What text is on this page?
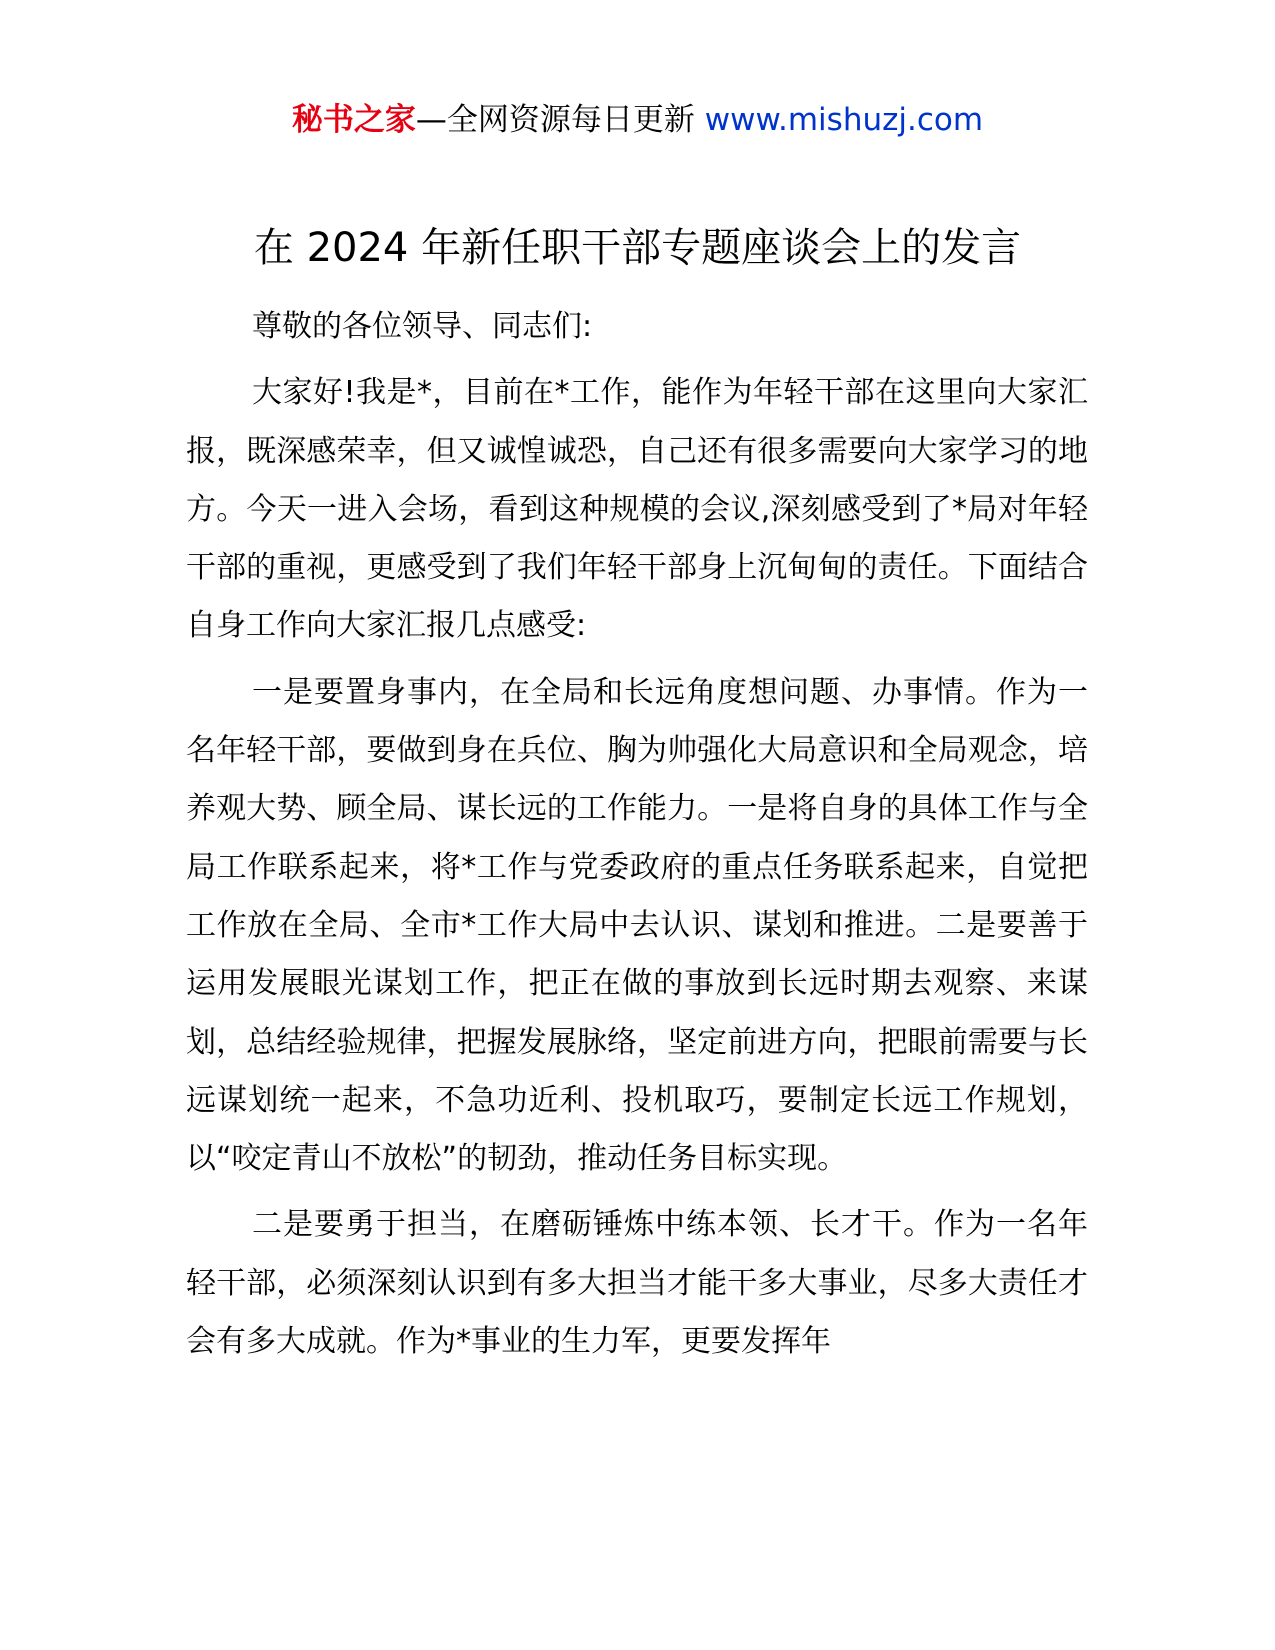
秘书之家—全网资源每日更新 www.mishuzj.com
在 2024 年新任职干部专题座谈会上的发言

尊敬的各位领导、同志们:

大家好!我是*，目前在*工作，能作为年轻干部在这里向大家汇报，既深感荣幸，但又诚惶诚恐，自己还有很多需要向大家学习的地方。今天一进入会场，看到这种规模的会议,深刻感受到了*局对年轻干部的重视，更感受到了我们年轻干部身上沉甸甸的责任。下面结合自身工作向大家汇报几点感受:

一是要置身事内，在全局和长远角度想问题、办事情。作为一名年轻干部，要做到身在兵位、胸为帅强化大局意识和全局观念，培养观大势、顾全局、谋长远的工作能力。一是将自身的具体工作与全局工作联系起来，将*工作与党委政府的重点任务联系起来，自觉把工作放在全局、全市*工作大局中去认识、谋划和推进。二是要善于运用发展眼光谋划工作，把正在做的事放到长远时期去观察、来谋划，总结经验规律，把握发展脉络，坚定前进方向，把眼前需要与长远谋划统一起来，不急功近利、投机取巧，要制定长远工作规划，以“咬定青山不放松”的韧劲，推动任务目标实现。

二是要勇于担当，在磨砺锤炼中练本领、长才干。作为一名年轻干部，必须深刻认识到有多大担当才能干多大事业，尽多大责任才会有多大成就。作为*事业的生力军，更要发挥年
